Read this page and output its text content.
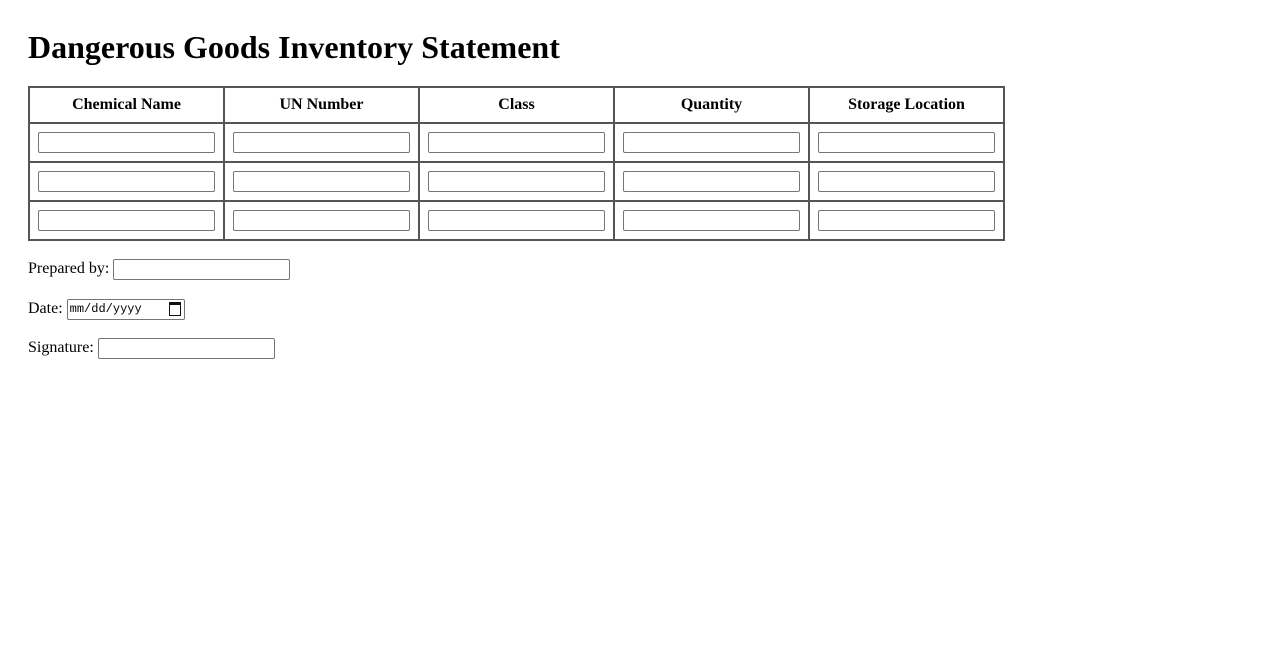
Dangerous Goods Inventory Statement
Chemical Name	UN Number	Class	Quantity	Storage Location

Prepared by:
Date: mm/dd/yyyy
Signature:
